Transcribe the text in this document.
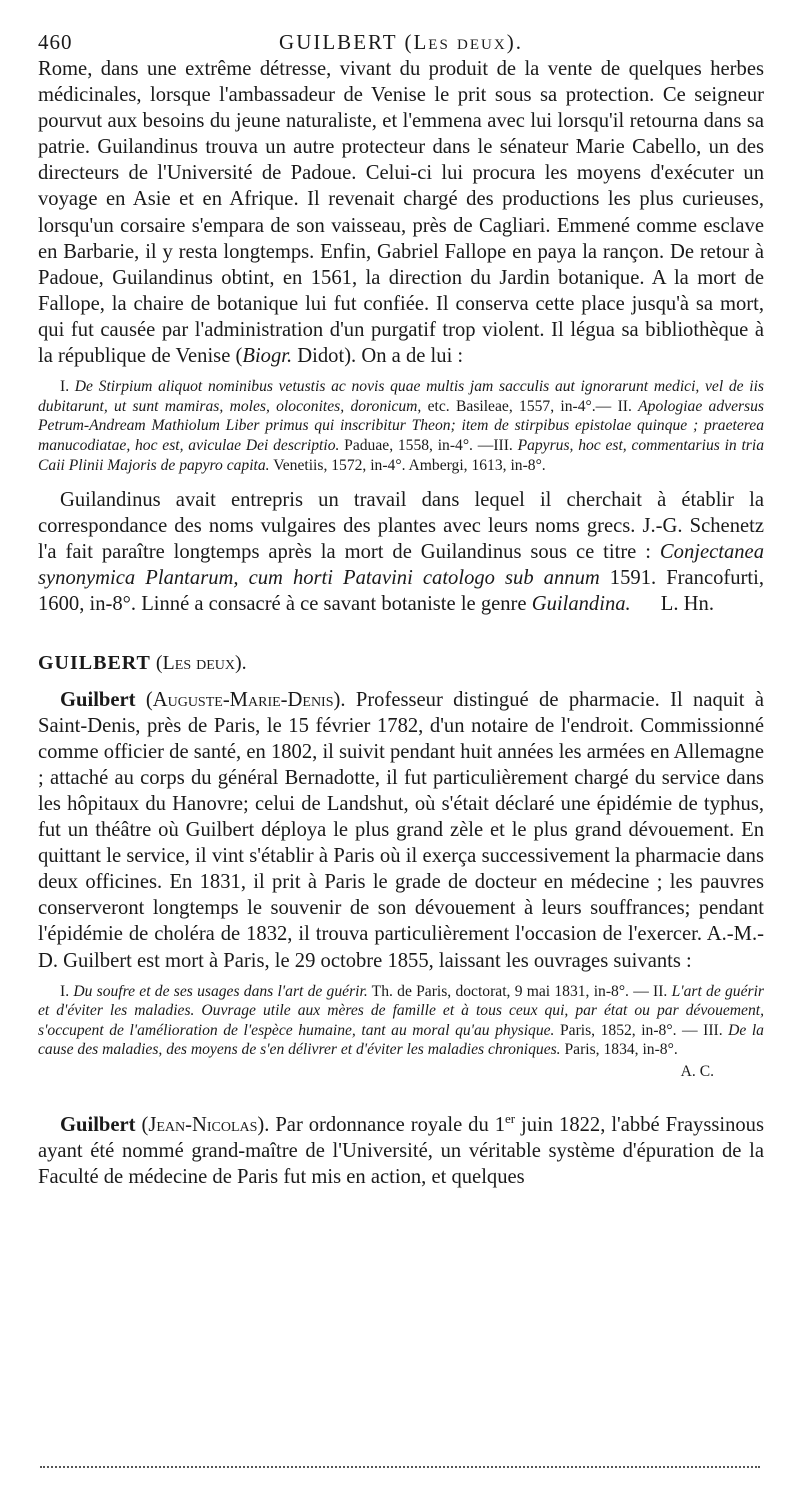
460	GUILBERT (Les deux).

Rome, dans une extrême détresse, vivant du produit de la vente de quelques herbes médicinales, lorsque l'ambassadeur de Venise le prit sous sa protection. Ce seigneur pourvut aux besoins du jeune naturaliste, et l'emmena avec lui lorsqu'il retourna dans sa patrie. Guilandinus trouva un autre protecteur dans le sénateur Marie Cabello, un des directeurs de l'Université de Padoue. Celui-ci lui procura les moyens d'exécuter un voyage en Asie et en Afrique. Il revenait chargé des productions les plus curieuses, lorsqu'un corsaire s'empara de son vaisseau, près de Cagliari. Emmené comme esclave en Barbarie, il y resta longtemps. Enfin, Gabriel Fallope en paya la rançon. De retour à Padoue, Guilandinus obtint, en 1561, la direction du Jardin botanique. A la mort de Fallope, la chaire de botanique lui fut confiée. Il conserva cette place jusqu'à sa mort, qui fut causée par l'administration d'un purgatif trop violent. Il légua sa bibliothèque à la république de Venise (Biogr. Didot). On a de lui :

I. De Stirpium aliquot nominibus vetustis ac novis quae multis jam sacculis aut ignorarunt medici, vel de iis dubitarunt, ut sunt mamiras, moles, oloconites, doronicum, etc. Basileae, 1557, in-4°.— II. Apologiae adversus Petrum-Andream Mathiolum Liber primus qui inscribitur Theon; item de stirpibus epistolae quinque ; praeterea manucodiatae, hoc est, aviculae Dei descriptio. Paduae, 1558, in-4°. —III. Papyrus, hoc est, commentarius in tria Caii Plinii Majoris de papyro capita. Venetiis, 1572, in-4°. Ambergi, 1613, in-8°.

Guilandinus avait entrepris un travail dans lequel il cherchait à établir la correspondance des noms vulgaires des plantes avec leurs noms grecs. J.-G. Schenetz l'a fait paraître longtemps après la mort de Guilandinus sous ce titre : Conjectanea synonymica Plantarum, cum horti Patavini catologo sub annum 1591. Francofurti, 1600, in-8°. Linné a consacré à ce savant botaniste le genre Guilandina.	L. Hn.

GUILBERT (Les deux).

Guilbert (Auguste-Marie-Denis). Professeur distingué de pharmacie. Il naquit à Saint-Denis, près de Paris, le 15 février 1782, d'un notaire de l'endroit. Commissionné comme officier de santé, en 1802, il suivit pendant huit années les armées en Allemagne ; attaché au corps du général Bernadotte, il fut particulièrement chargé du service dans les hôpitaux du Hanovre; celui de Landshut, où s'était déclaré une épidémie de typhus, fut un théâtre où Guilbert déploya le plus grand zèle et le plus grand dévouement. En quittant le service, il vint s'établir à Paris où il exerça successivement la pharmacie dans deux officines. En 1831, il prit à Paris le grade de docteur en médecine ; les pauvres conserveront longtemps le souvenir de son dévouement à leurs souffrances; pendant l'épidémie de choléra de 1832, il trouva particulièrement l'occasion de l'exercer. A.-M.-D. Guilbert est mort à Paris, le 29 octobre 1855, laissant les ouvrages suivants :

I. Du soufre et de ses usages dans l'art de guérir. Th. de Paris, doctorat, 9 mai 1831, in-8°. — II. L'art de guérir et d'éviter les maladies. Ouvrage utile aux mères de famille et à tous ceux qui, par état ou par dévouement, s'occupent de l'amélioration de l'espèce humaine, tant au moral qu'au physique. Paris, 1852, in-8°. — III. De la cause des maladies, des moyens de s'en délivrer et d'éviter les maladies chroniques. Paris, 1834, in-8°.

A. C.

Guilbert (Jean-Nicolas). Par ordonnance royale du 1er juin 1822, l'abbé Frayssinous ayant été nommé grand-maître de l'Université, un véritable système d'épuration de la Faculté de médecine de Paris fut mis en action, et quelques
